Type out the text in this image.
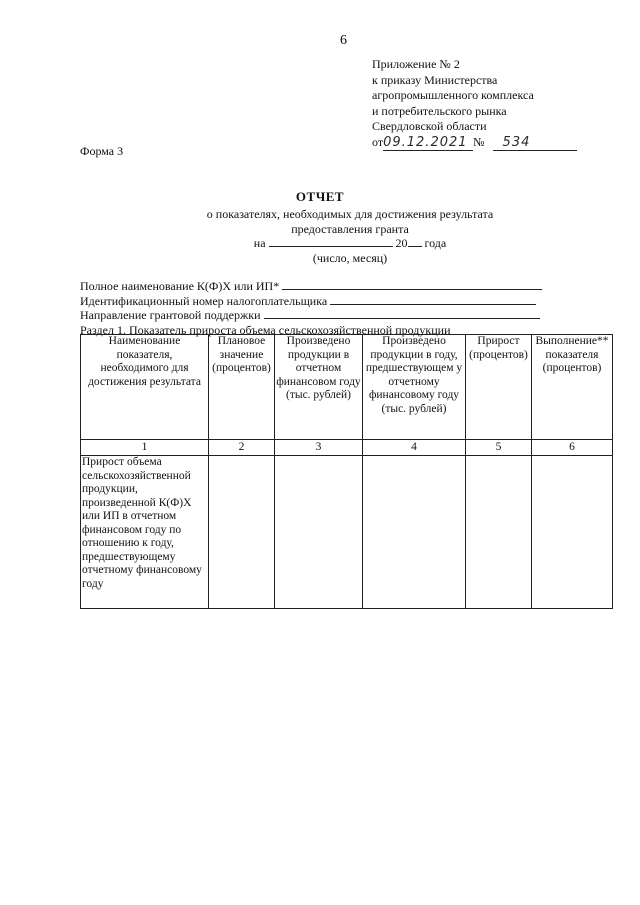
6
Приложение № 2
к приказу Министерства
агропромышленного комплекса
и потребительского рынка
Свердловской области
от09.12.2021 № 534
Форма 3
ОТЧЕТ
о показателях, необходимых для достижения результата
предоставления гранта
на	20 года
(число, месяц)
Полное наименование К(Ф)Х или ИП*
Идентификационный номер налогоплательщика
Направление грантовой поддержки
Раздел 1. Показатель прироста объема сельскохозяйственной продукции
Наименование показателя, необходимого для достижения результата	Плановое значение (процентов)	Произведено продукции в отчетном финансовом году (тыс. рублей)	Произведено продукции в году, предшествующем у отчетному финансовому году (тыс. рублей)	Прирост (процентов)	Выполнение** показателя (процентов)
1	2	3	4	5	6
Прирост объема сельскохозяйственной продукции, произведенной К(Ф)Х или ИП в отчетном финансовом году по отношению к году, предшествующему отчетному финансовому году					
